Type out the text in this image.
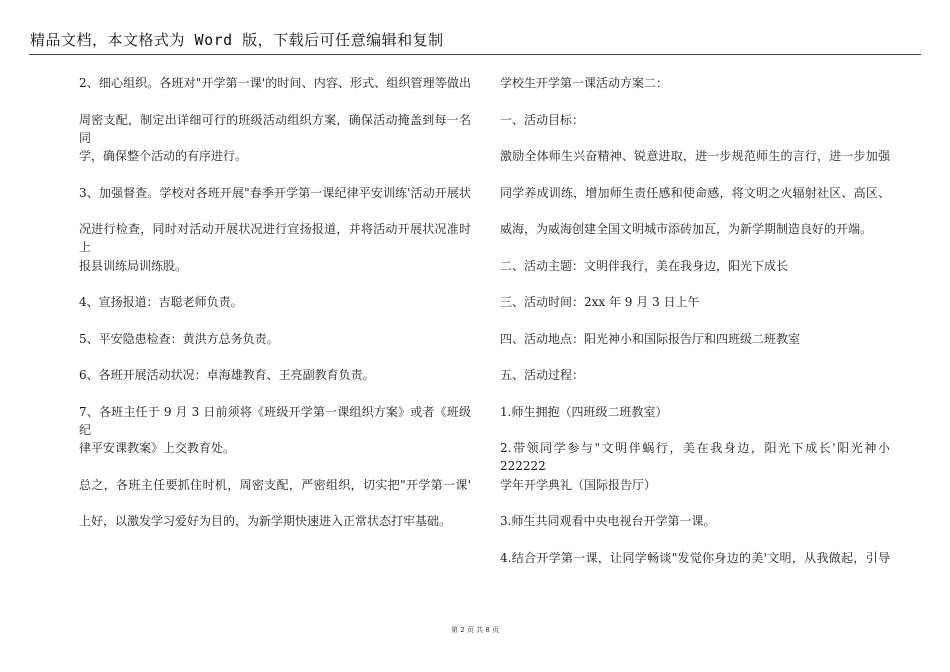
精品文档，本文格式为 Word 版，下载后可任意编辑和复制
2、细心组织。各班对"开学第一课'的时间、内容、形式、组织管理等做出
周密支配，制定出详细可行的班级活动组织方案，确保活动掩盖到每一名同
学，确保整个活动的有序进行。
3、加强督查。学校对各班开展"春季开学第一课纪律平安训练'活动开展状
况进行检查，同时对活动开展状况进行宣扬报道，并将活动开展状况准时上
报县训练局训练股。
4、宣扬报道：吉聪老师负责。
5、平安隐患检查：黄洪方总务负责。
6、各班开展活动状况：卓海雄教育、王亮副教育负责。
7、各班主任于 9 月 3 日前须将《班级开学第一课组织方案》或者《班级纪
律平安课教案》上交教育处。
总之，各班主任要抓住时机，周密支配，严密组织，切实把"开学第一课'
上好，以激发学习爱好为目的，为新学期快速进入正常状态打牢基础。
学校生开学第一课活动方案二：
一、活动目标：
激励全体师生兴奋精神、锐意进取，进一步规范师生的言行，进一步加强
同学养成训练，增加师生责任感和使命感，将文明之火辐射社区、高区、
威海，为威海创建全国文明城市添砖加瓦，为新学期制造良好的开端。
二、活动主题：文明伴我行，美在我身边，阳光下成长
三、活动时间：2xx 年 9 月 3 日上午
四、活动地点：阳光神小和国际报告厅和四班级二班教室
五、活动过程：
1.师生拥抱（四班级二班教室）
2.带领同学参与"文明伴蜗行，美在我身边，阳光下成长'阳光神小 222222
学年开学典礼（国际报告厅）
3.师生共同观看中央电视台开学第一课。
4.结合开学第一课，让同学畅谈"发觉你身边的美'文明，从我做起，引导
第 2 页 共 8 页
